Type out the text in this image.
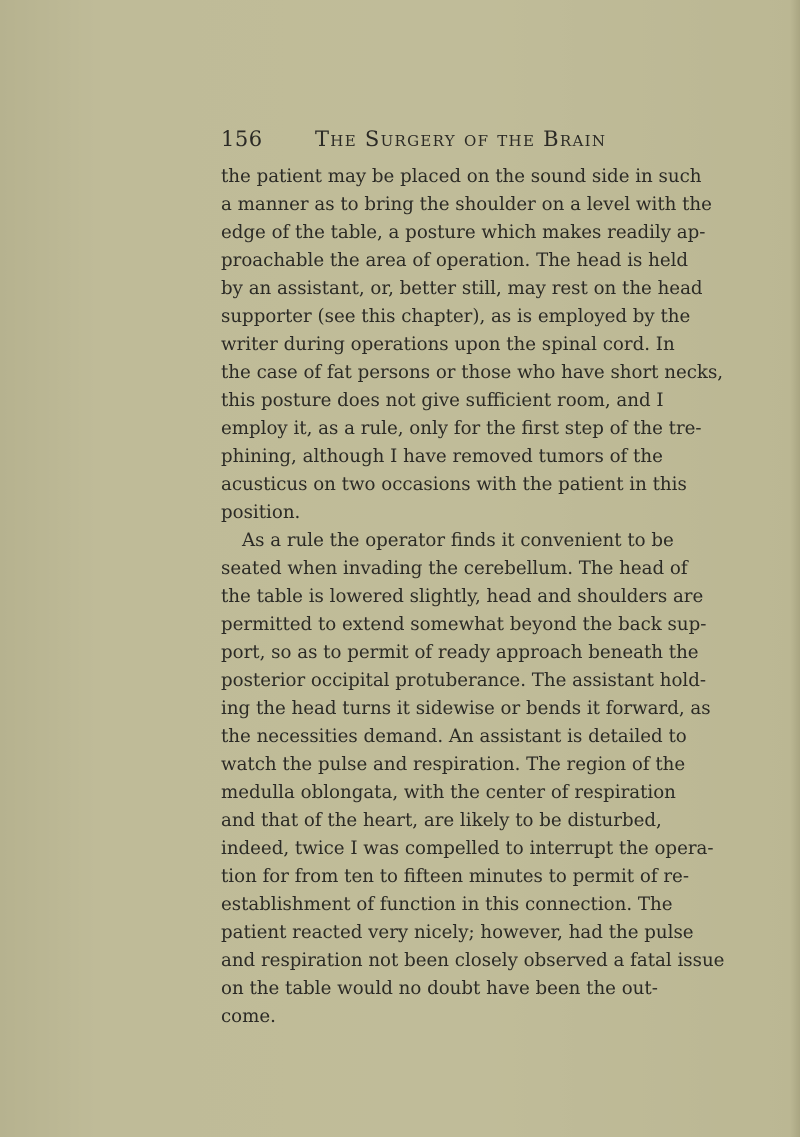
156 The Surgery of the Brain
the patient may be placed on the sound side in such
a manner as to bring the shoulder on a level with the
edge of the table, a posture which makes readily ap-
proachable the area of operation. The head is held
by an assistant, or, better still, may rest on the head
supporter (see this chapter), as is employed by the
writer during operations upon the spinal cord. In
the case of fat persons or those who have short necks,
this posture does not give sufficient room, and I
employ it, as a rule, only for the first step of the tre-
phining, although I have removed tumors of the
acusticus on two occasions with the patient in this
position.
As a rule the operator finds it convenient to be
seated when invading the cerebellum. The head of
the table is lowered slightly, head and shoulders are
permitted to extend somewhat beyond the back sup-
port, so as to permit of ready approach beneath the
posterior occipital protuberance. The assistant hold-
ing the head turns it sidewise or bends it forward, as
the necessities demand. An assistant is detailed to
watch the pulse and respiration. The region of the
medulla oblongata, with the center of respiration
and that of the heart, are likely to be disturbed,
indeed, twice I was compelled to interrupt the opera-
tion for from ten to fifteen minutes to permit of re-
establishment of function in this connection. The
patient reacted very nicely; however, had the pulse
and respiration not been closely observed a fatal issue
on the table would no doubt have been the out-
come.
